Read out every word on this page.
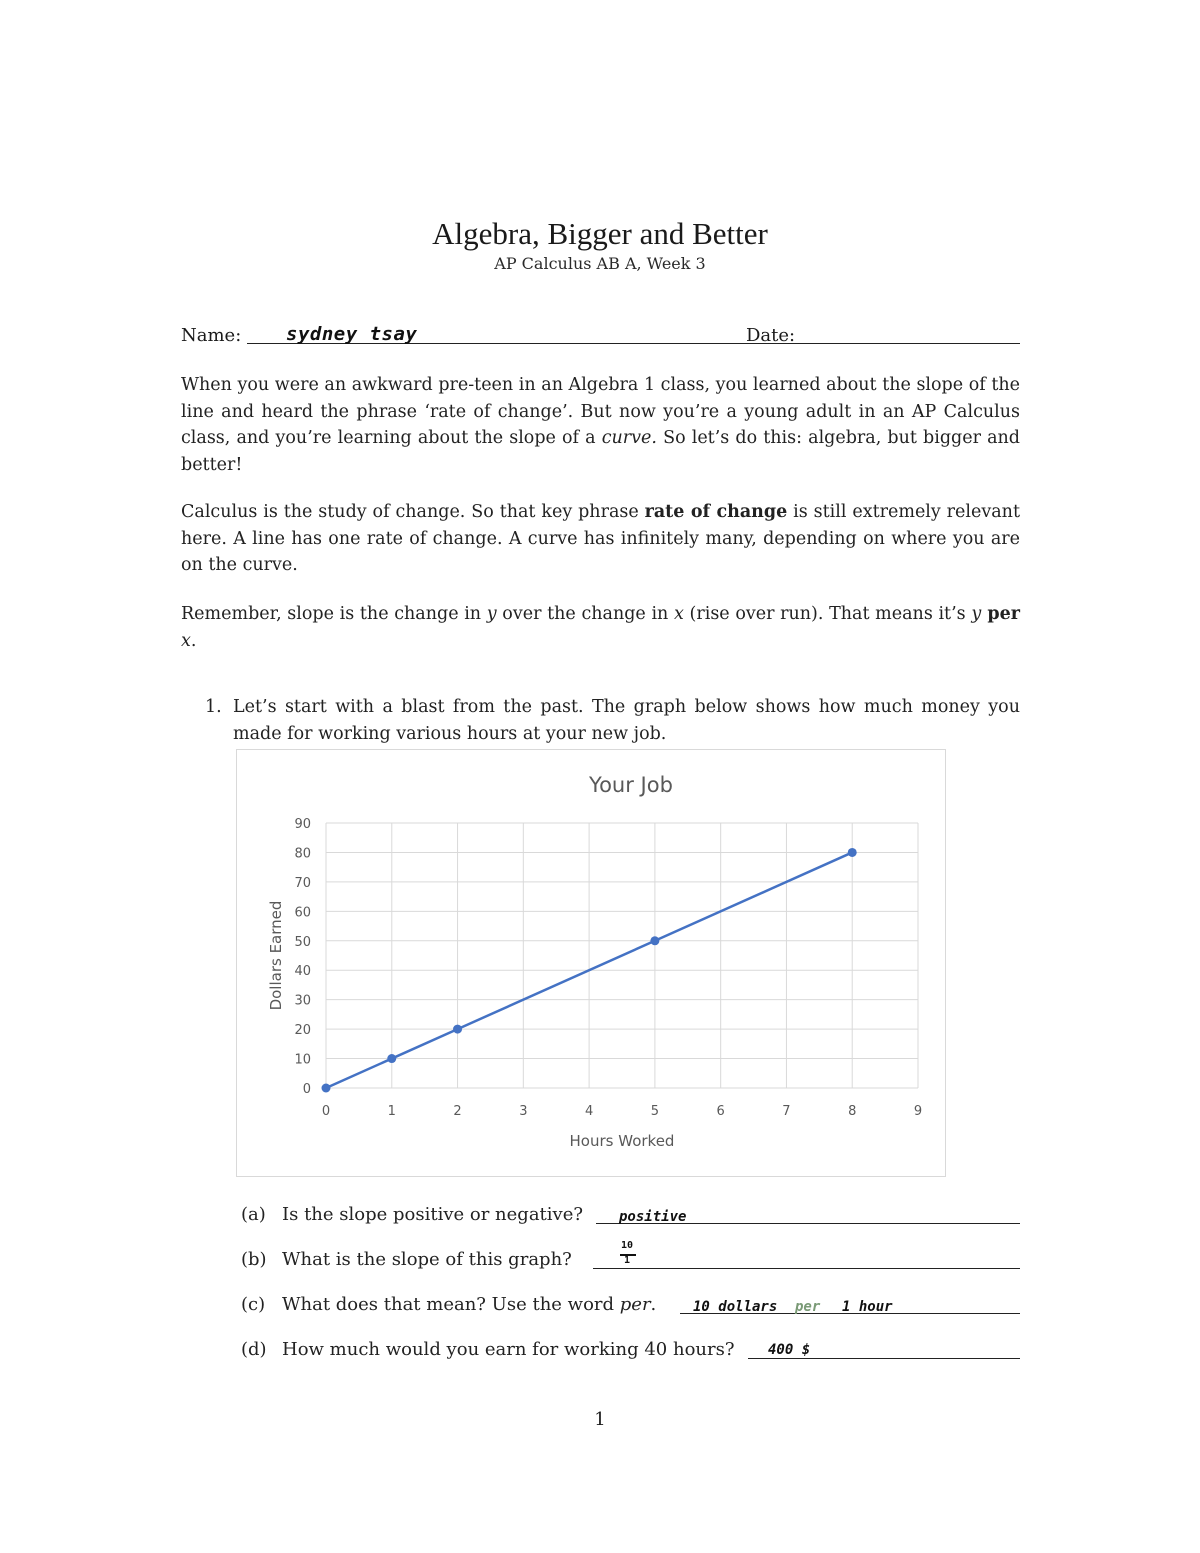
Algebra, Bigger and Better
AP Calculus AB A, Week 3
Name: sydney tsay	Date:

When you were an awkward pre-teen in an Algebra 1 class, you learned about the slope of the line and heard the phrase ‘rate of change’. But now you’re a young adult in an AP Calculus class, and you’re learning about the slope of a curve. So let’s do this: algebra, but bigger and better!

Calculus is the study of change. So that key phrase rate of change is still extremely relevant here. A line has one rate of change. A curve has infinitely many, depending on where you are on the curve.

Remember, slope is the change in y over the change in x (rise over run). That means it’s y per x.

1. Let’s start with a blast from the past. The graph below shows how much money you made for working various hours at your new job.
Your Job
0
10
20
30
40
50
60
70
80
90
0	1	2	3	4	5	6	7	8	9
Hours Worked
Dollars Earned
(a) Is the slope positive or negative?	positive
(b) What is the slope of this graph?
10
1
(c) What does that mean? Use the word per.	10 dollars per 1 hour
(d) How much would you earn for working 40 hours? 400 $
1
